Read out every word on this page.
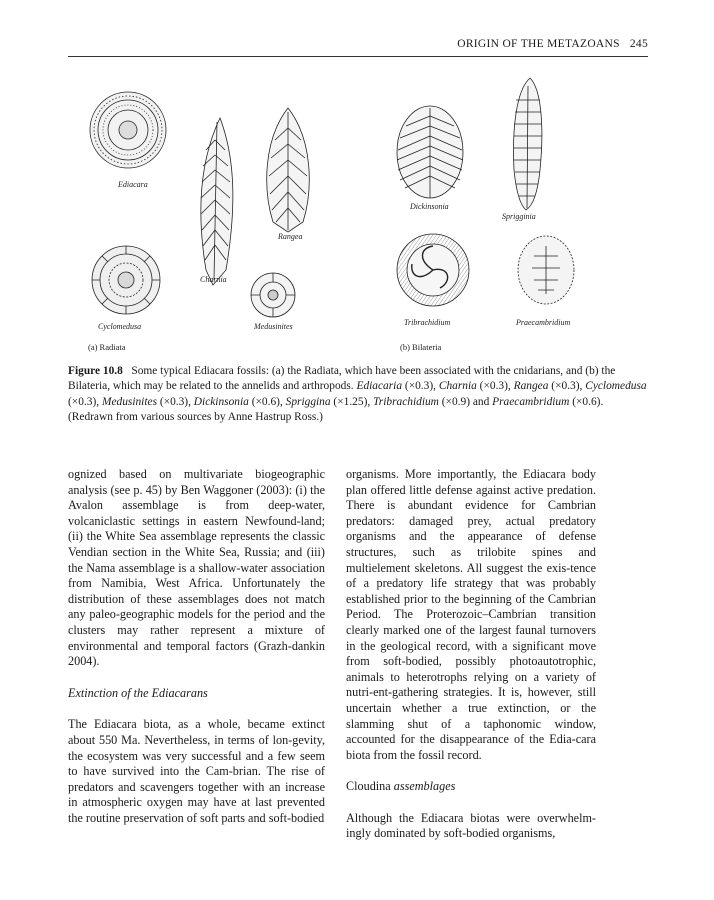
ORIGIN OF THE METAZOANS 245
Ediacara
Charnia
Rangea
Cyclomedusa	Medusinites
Dickinsonia
Sprigginia
Tribrachidium	Praecambridium
(a) Radiata	(b) Bilateria
Figure 10.8 Some typical Ediacara fossils: (a) the Radiata, which have been associated with the cnidarians, and (b) the Bilateria, which may be related to the annelids and arthropods. Ediacaria (×0.3), Charnia (×0.3), Rangea (×0.3), Cyclomedusa (×0.3), Medusinites (×0.3), Dickinsonia (×0.6), Spriggina (×1.25), Tribrachidium (×0.9) and Praecambridium (×0.6). (Redrawn from various sources by Anne Hastrup Ross.)

ognized based on multivariate biogeographic analysis (see p. 45) by Ben Waggoner (2003): (i) the Avalon assemblage is from deep-water, volcaniclastic settings in eastern Newfound-land; (ii) the White Sea assemblage represents the classic Vendian section in the White Sea, Russia; and (iii) the Nama assemblage is a shallow-water association from Namibia, West Africa. Unfortunately the distribution of these assemblages does not match any paleo-geographic models for the period and the clusters may rather represent a mixture of environmental and temporal factors (Grazh-dankin 2004).

Extinction of the Ediacarans

The Ediacara biota, as a whole, became extinct about 550 Ma. Nevertheless, in terms of lon-gevity, the ecosystem was very successful and a few seem to have survived into the Cam-brian. The rise of predators and scavengers together with an increase in atmospheric oxygen may have at last prevented the routine preservation of soft parts and soft-bodied

organisms. More importantly, the Ediacara body plan offered little defense against active predation. There is abundant evidence for Cambrian predators: damaged prey, actual predatory organisms and the appearance of defense structures, such as trilobite spines and multielement skeletons. All suggest the exis-tence of a predatory life strategy that was probably established prior to the beginning of the Cambrian Period. The Proterozoic–Cambrian transition clearly marked one of the largest faunal turnovers in the geological record, with a significant move from soft-bodied, possibly photoautotrophic, animals to heterotrophs relying on a variety of nutri-ent-gathering strategies. It is, however, still uncertain whether a true extinction, or the slamming shut of a taphonomic window, accounted for the disappearance of the Edia-cara biota from the fossil record.

Cloudina assemblages

Although the Ediacara biotas were overwhelm-ingly dominated by soft-bodied organisms,
